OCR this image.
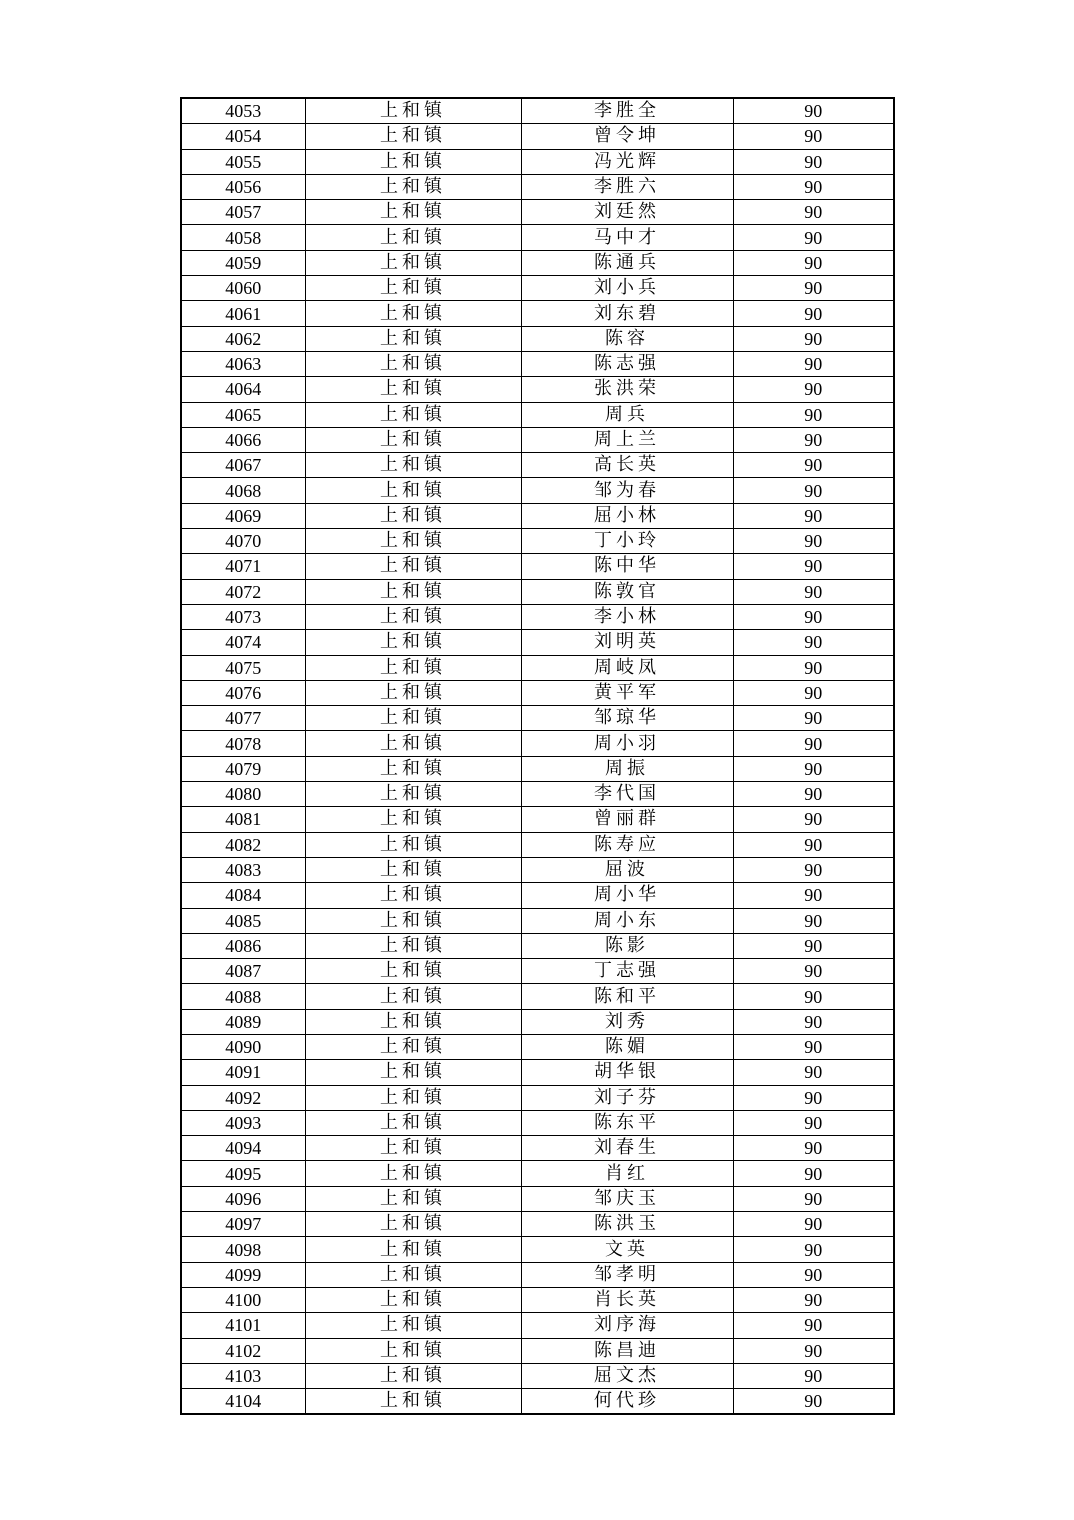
4053	上和镇	李胜全	90
4054	上和镇	曾令坤	90
4055	上和镇	冯光辉	90
4056	上和镇	李胜六	90
4057	上和镇	刘廷然	90
4058	上和镇	马中才	90
4059	上和镇	陈通兵	90
4060	上和镇	刘小兵	90
4061	上和镇	刘东碧	90
4062	上和镇	陈容	90
4063	上和镇	陈志强	90
4064	上和镇	张洪荣	90
4065	上和镇	周兵	90
4066	上和镇	周上兰	90
4067	上和镇	高长英	90
4068	上和镇	邹为春	90
4069	上和镇	屈小林	90
4070	上和镇	丁小玲	90
4071	上和镇	陈中华	90
4072	上和镇	陈敦官	90
4073	上和镇	李小林	90
4074	上和镇	刘明英	90
4075	上和镇	周岐凤	90
4076	上和镇	黄平军	90
4077	上和镇	邹琼华	90
4078	上和镇	周小羽	90
4079	上和镇	周振	90
4080	上和镇	李代国	90
4081	上和镇	曾丽群	90
4082	上和镇	陈寿应	90
4083	上和镇	屈波	90
4084	上和镇	周小华	90
4085	上和镇	周小东	90
4086	上和镇	陈影	90
4087	上和镇	丁志强	90
4088	上和镇	陈和平	90
4089	上和镇	刘秀	90
4090	上和镇	陈媚	90
4091	上和镇	胡华银	90
4092	上和镇	刘子芬	90
4093	上和镇	陈东平	90
4094	上和镇	刘春生	90
4095	上和镇	肖红	90
4096	上和镇	邹庆玉	90
4097	上和镇	陈洪玉	90
4098	上和镇	文英	90
4099	上和镇	邹孝明	90
4100	上和镇	肖长英	90
4101	上和镇	刘序海	90
4102	上和镇	陈昌迪	90
4103	上和镇	屈文杰	90
4104	上和镇	何代珍	90
